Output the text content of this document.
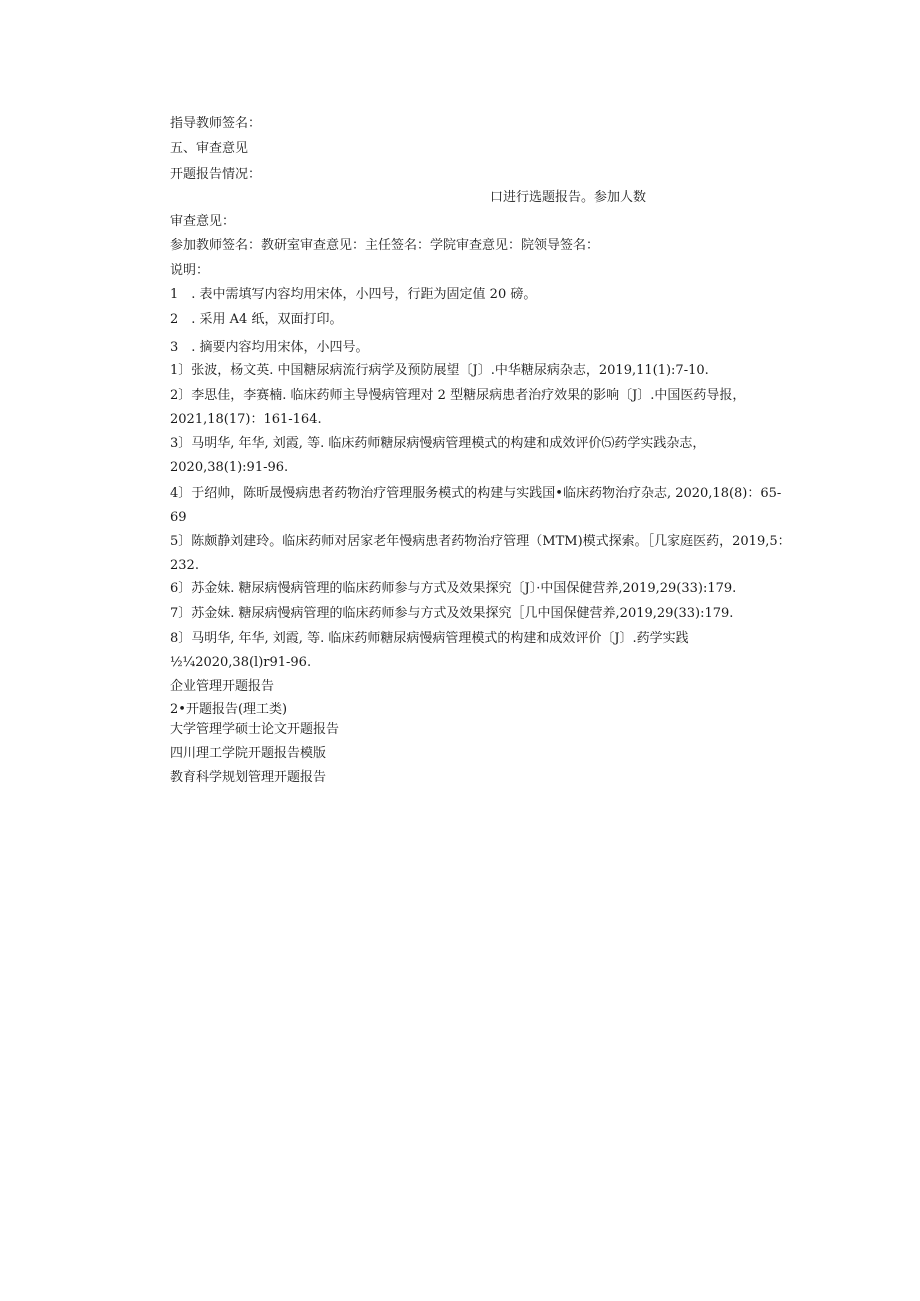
指导教师签名：
五、审查意见
开题报告情况：
口进行选题报告。参加人数
审查意见：
参加教师签名：教研室审查意见：主任签名：学院审查意见：院领导签名：
说明：
1　. 表中需填写内容均用宋体，小四号，行距为固定值 20 磅。
2　. 采用 A4 纸，双面打印。
3　. 摘要内容均用宋体，小四号。
1〕张波，杨文英. 中国糖尿病流行病学及预防展望〔J〕.中华糖尿病杂志，2019,11(1):7-10.
2〕李思佳，李赛楠. 临床药师主导慢病管理对 2 型糖尿病患者治疗效果的影响〔J〕.中国医药导报，2021,18(17)：161-164.
3〕马明华, 年华, 刘霞, 等. 临床药师糖尿病慢病管理模式的构建和成效评价⑸药学实践杂志，2020,38(1):91-96.
4〕于绍帅，陈昕晟慢病患者药物治疗管理服务模式的构建与实践国•临床药物治疗杂志, 2020,18(8)：65-69
5〕陈颇静刘建玲。临床药师对居家老年慢病患者药物治疗管理（MTM)模式探索。［几家庭医药，2019,5：232.
6〕苏金妹. 糖尿病慢病管理的临床药师参与方式及效果探究〔J〕·中国保健营养,2019,29(33):179.
7〕苏金妹. 糖尿病慢病管理的临床药师参与方式及效果探究［几中国保健营养,2019,29(33):179.
8〕马明华, 年华, 刘霞, 等. 临床药师糖尿病慢病管理模式的构建和成效评价〔J〕.药学实践½¼2020,38(l)r91-96.
企业管理开题报告
2•开题报告(理工类)
大学管理学硕士论文开题报告
四川理工学院开题报告模版
教育科学规划管理开题报告
